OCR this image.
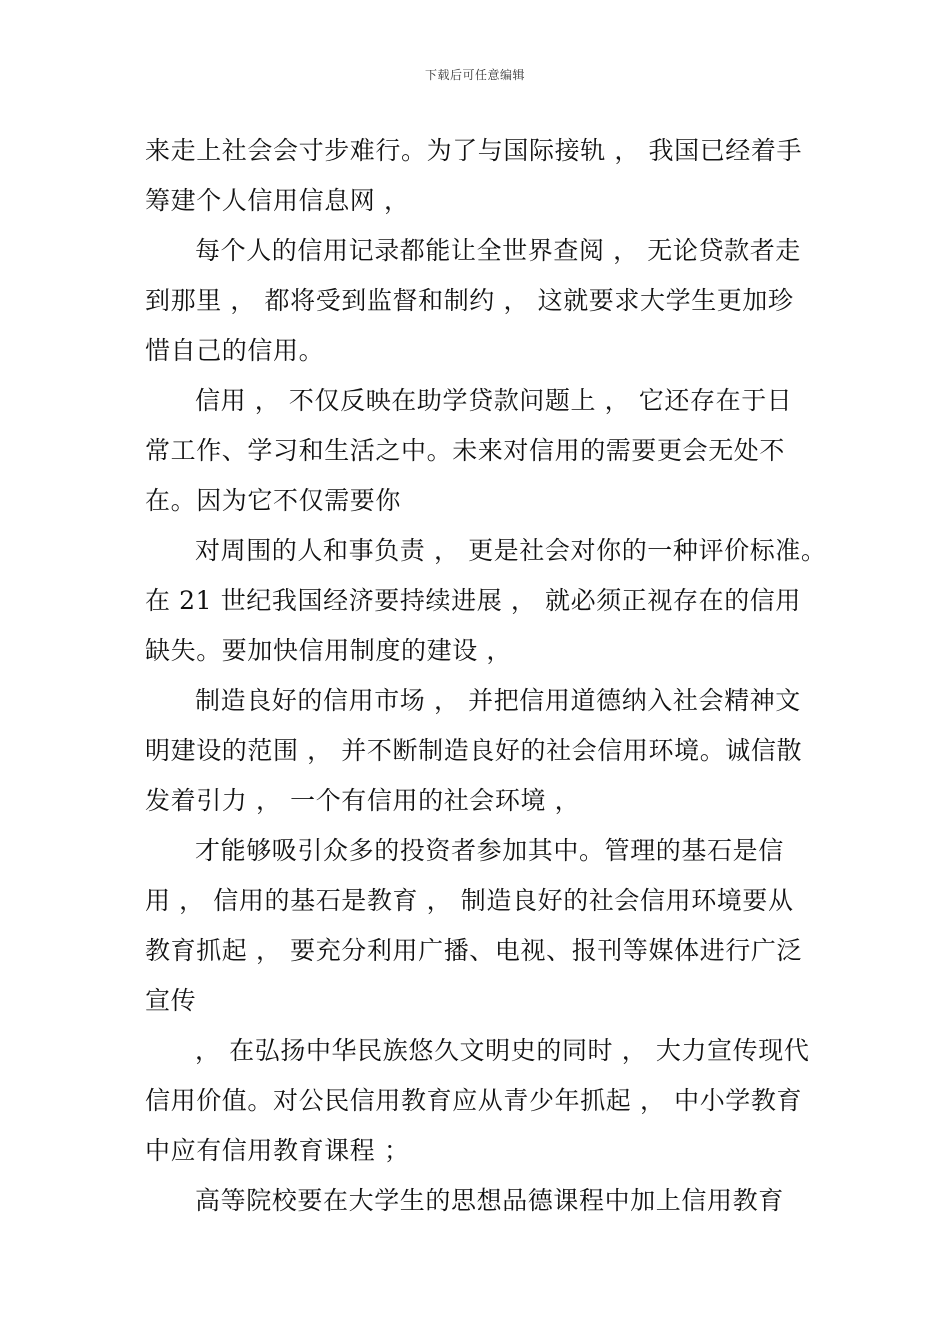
下载后可任意编辑
来走上社会会寸步难行。为了与国际接轨 ， 我国已经着手
筹建个人信用信息网 ，
每个人的信用记录都能让全世界查阅 ， 无论贷款者走
到那里 ， 都将受到监督和制约 ， 这就要求大学生更加珍
惜自己的信用。
信用 ， 不仅反映在助学贷款问题上 ， 它还存在于日
常工作、学习和生活之中。未来对信用的需要更会无处不
在。因为它不仅需要你
对周围的人和事负责 ， 更是社会对你的一种评价标准。
在 21 世纪我国经济要持续进展 ， 就必须正视存在的信用
缺失。要加快信用制度的建设 ，
制造良好的信用市场 ， 并把信用道德纳入社会精神文
明建设的范围 ， 并不断制造良好的社会信用环境。诚信散
发着引力 ， 一个有信用的社会环境 ，
才能够吸引众多的投资者参加其中。管理的基石是信
用 ， 信用的基石是教育 ， 制造良好的社会信用环境要从
教育抓起 ， 要充分利用广播、电视、报刊等媒体进行广泛
宣传
， 在弘扬中华民族悠久文明史的同时 ， 大力宣传现代
信用价值。对公民信用教育应从青少年抓起 ， 中小学教育
中应有信用教育课程 ；
高等院校要在大学生的思想品德课程中加上信用教育
